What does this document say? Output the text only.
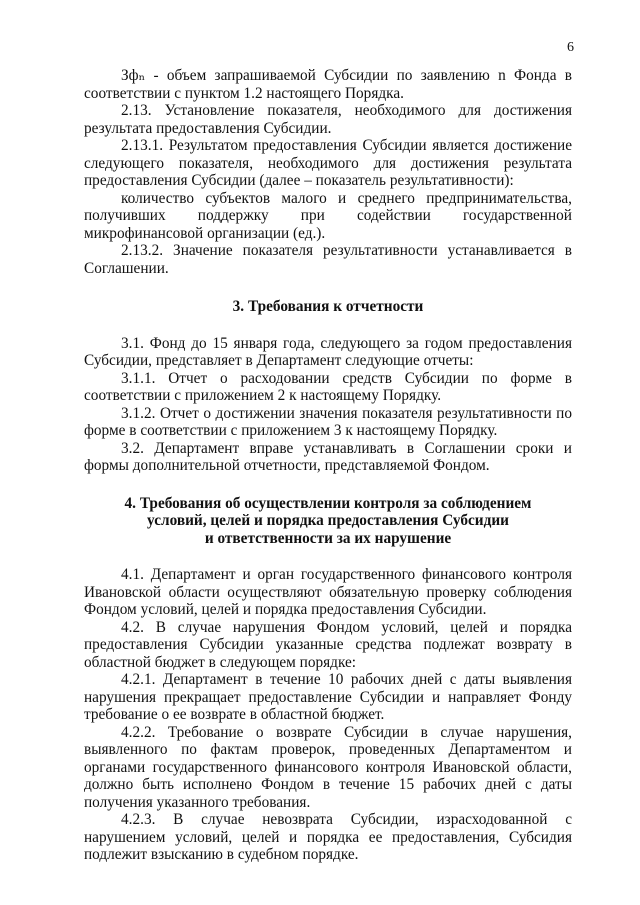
6

Зфₙ - объем запрашиваемой Субсидии по заявлению n Фонда в соответствии с пунктом 1.2 настоящего Порядка.

2.13. Установление показателя, необходимого для достижения результата предоставления Субсидии.

2.13.1. Результатом предоставления Субсидии является достижение следующего показателя, необходимого для достижения результата предоставления Субсидии (далее – показатель результативности):

количество субъектов малого и среднего предпринимательства, получивших поддержку при содействии государственной микрофинансовой организации (ед.).

2.13.2. Значение показателя результативности устанавливается в Соглашении.

3. Требования к отчетности

3.1. Фонд до 15 января года, следующего за годом предоставления Субсидии, представляет в Департамент следующие отчеты:

3.1.1. Отчет о расходовании средств Субсидии по форме в соответствии с приложением 2 к настоящему Порядку.

3.1.2. Отчет о достижении значения показателя результативности по форме в соответствии с приложением 3 к настоящему Порядку.

3.2. Департамент вправе устанавливать в Соглашении сроки и формы дополнительной отчетности, представляемой Фондом.

4. Требования об осуществлении контроля за соблюдением

условий, целей и порядка предоставления Субсидии

и ответственности за их нарушение

4.1. Департамент и орган государственного финансового контроля Ивановской области осуществляют обязательную проверку соблюдения Фондом условий, целей и порядка предоставления Субсидии.

4.2. В случае нарушения Фондом условий, целей и порядка предоставления Субсидии указанные средства подлежат возврату в областной бюджет в следующем порядке:

4.2.1. Департамент в течение 10 рабочих дней с даты выявления нарушения прекращает предоставление Субсидии и направляет Фонду требование о ее возврате в областной бюджет.

4.2.2. Требование о возврате Субсидии в случае нарушения, выявленного по фактам проверок, проведенных Департаментом и органами государственного финансового контроля Ивановской области, должно быть исполнено Фондом в течение 15 рабочих дней с даты получения указанного требования.

4.2.3. В случае невозврата Субсидии, израсходованной с нарушением условий, целей и порядка ее предоставления, Субсидия подлежит взысканию в судебном порядке.
